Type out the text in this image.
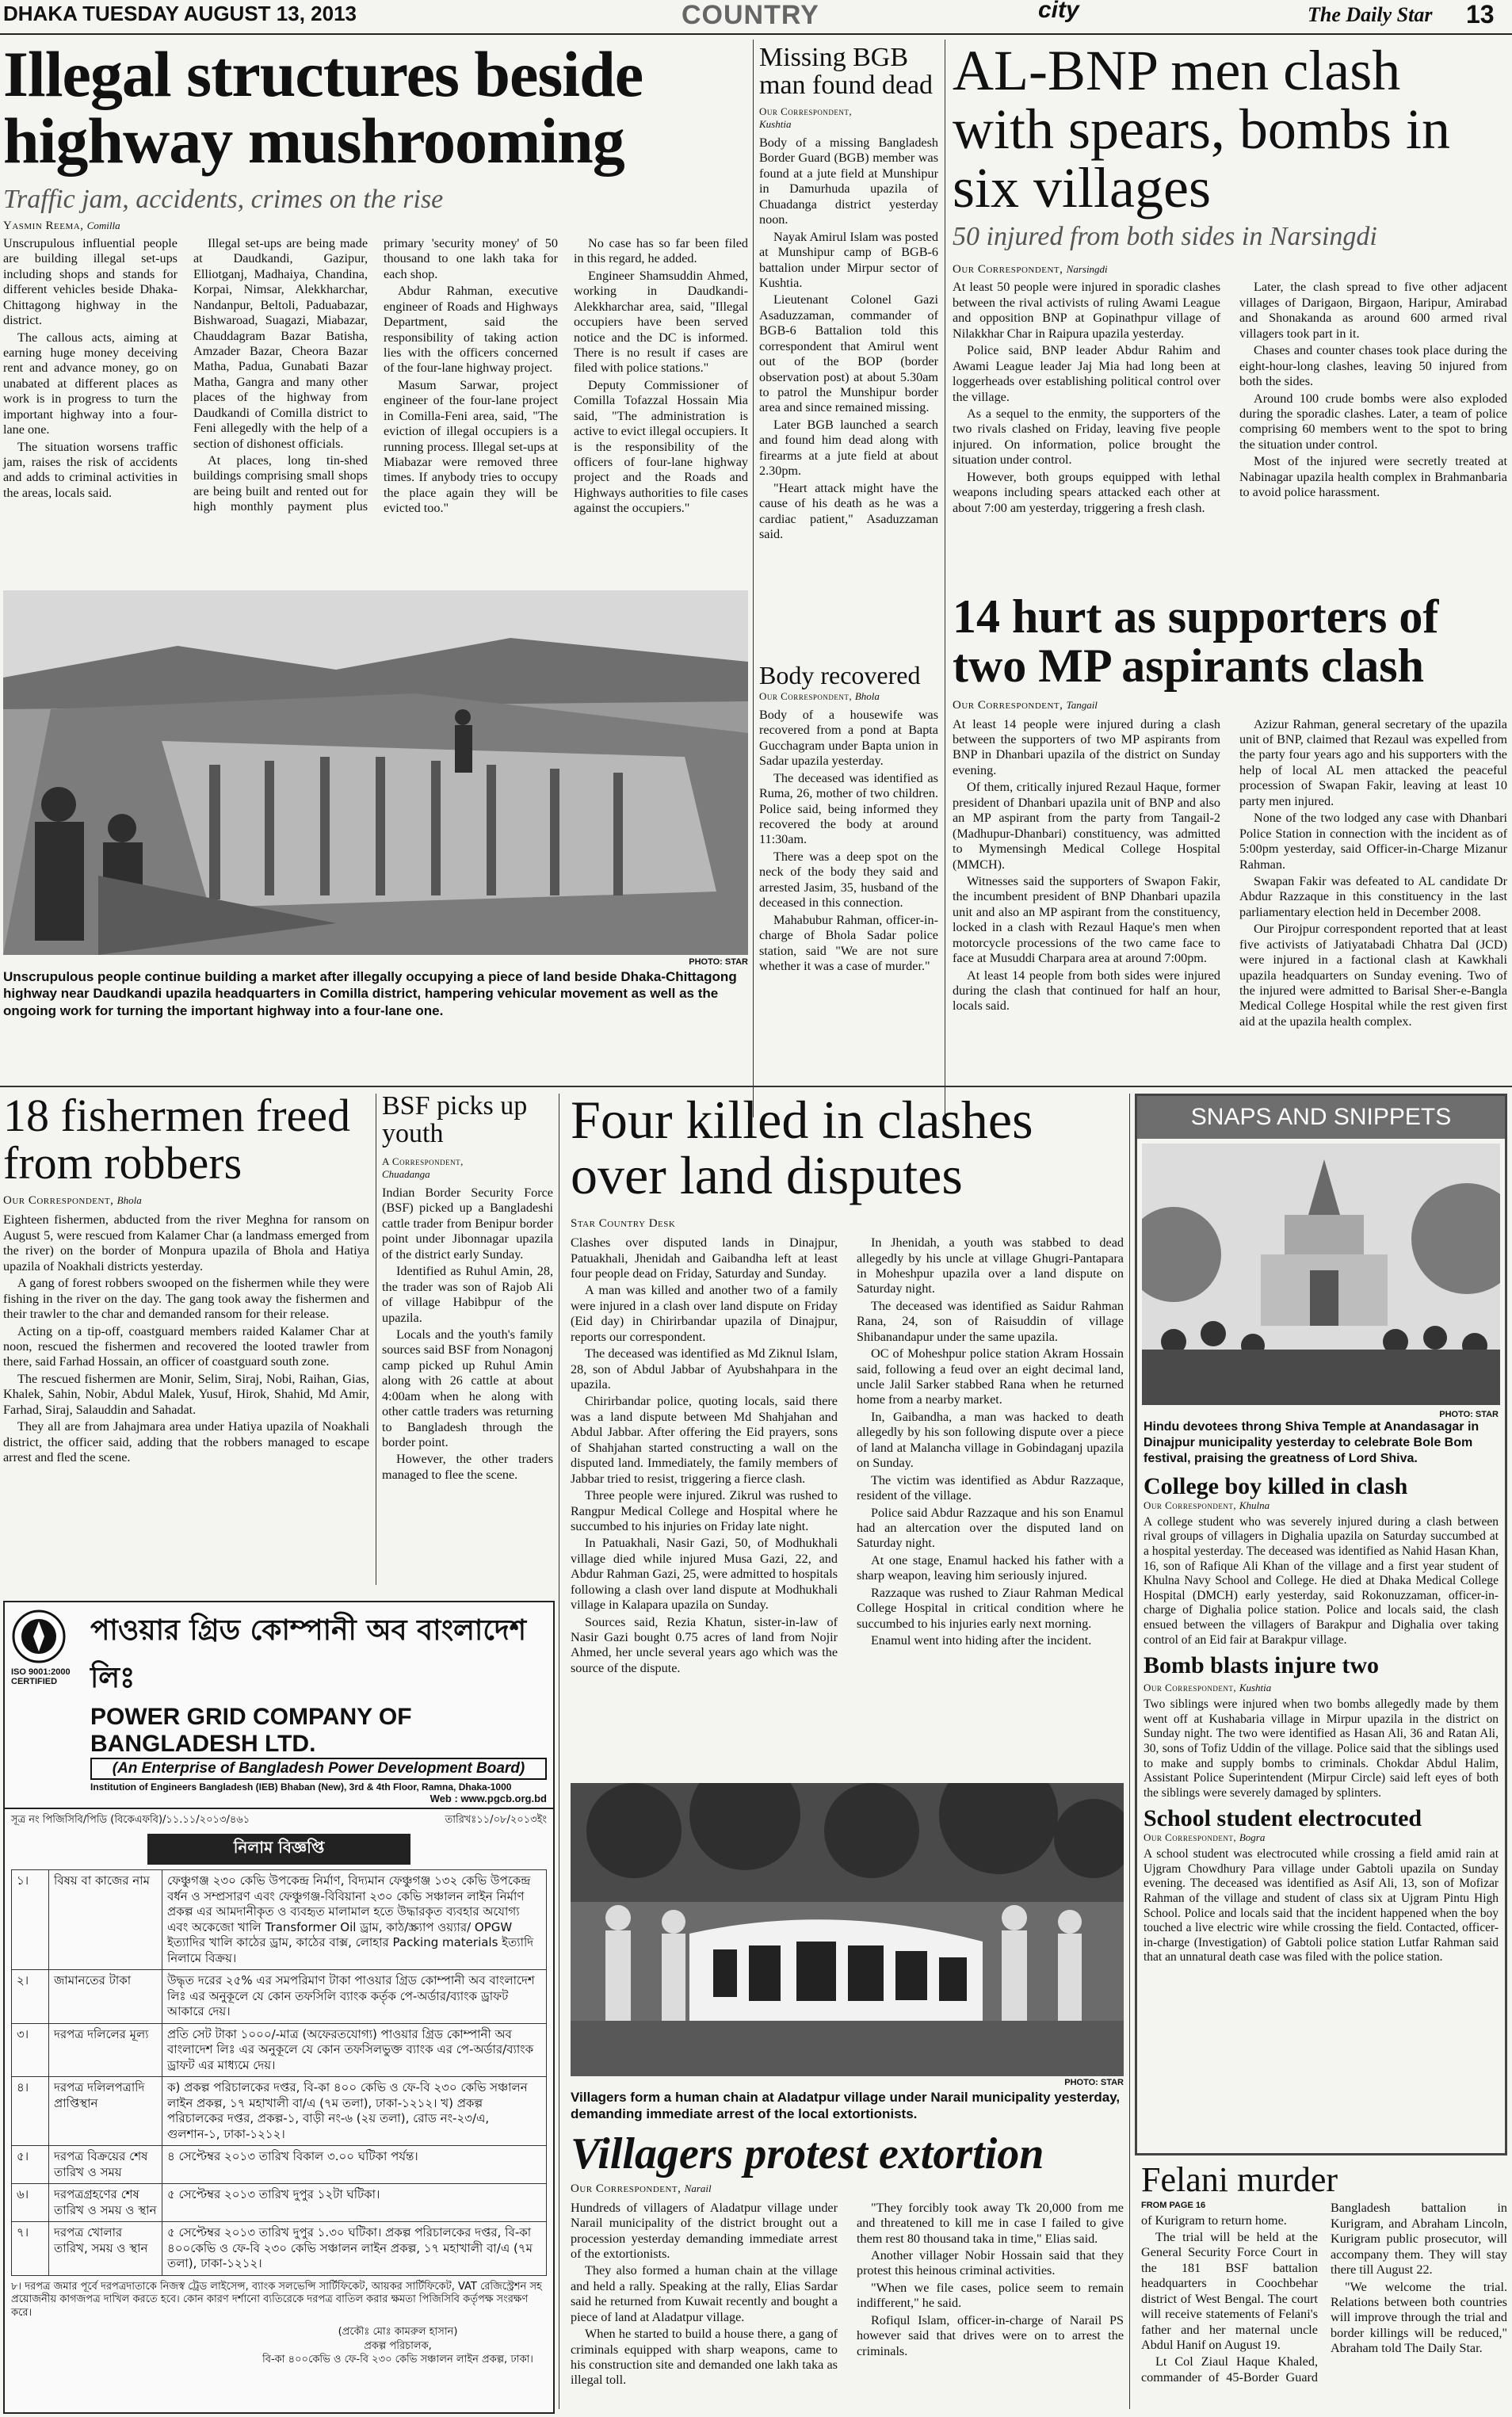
DHAKA TUESDAY AUGUST 13, 2013	COUNTRY	city	The Daily Star 13
Illegal structures beside highway mushrooming

Traffic jam, accidents, crimes on the rise

Yasmin Reema, Comilla

Unscrupulous influential people are building illegal set-ups including shops and stands for different vehicles beside Dhaka-Chittagong highway in the district.

The callous acts, aiming at earning huge money deceiving rent and advance money, go on unabated at different places as work is in progress to turn the important highway into a four-lane one.

The situation worsens traffic jam, raises the risk of accidents and adds to criminal activities in the areas, locals said.

Illegal set-ups are being made at Daudkandi, Gazipur, Elliotganj, Madhaiya, Chandina, Korpai, Nimsar, Alekkharchar, Nandanpur, Beltoli, Paduabazar, Bishwaroad, Suagazi, Miabazar, Chauddagram Bazar Batisha, Amzader Bazar, Cheora Bazar Matha, Padua, Gunabati Bazar Matha, Gangra and many other places of the highway from Daudkandi of Comilla district to Feni allegedly with the help of a section of dishonest officials.

At places, long tin-shed buildings comprising small shops are being built and rented out for high monthly payment plus primary 'security money' of 50 thousand to one lakh taka for each shop.

Abdur Rahman, executive engineer of Roads and Highways Department, said the responsibility of taking action lies with the officers concerned of the four-lane highway project.

Masum Sarwar, project engineer of the four-lane project in Comilla-Feni area, said, "The eviction of illegal occupiers is a running process. Illegal set-ups at Miabazar were removed three times. If anybody tries to occupy the place again they will be evicted too."

No case has so far been filed in this regard, he added.

Engineer Shamsuddin Ahmed, working in Daudkandi-Alekkharchar area, said, "Illegal occupiers have been served notice and the DC is informed. There is no result if cases are filed with police stations."

Deputy Commissioner of Comilla Tofazzal Hossain Mia said, "The administration is active to evict illegal occupiers. It is the responsibility of the officers of four-lane highway project and the Roads and Highways authorities to file cases against the occupiers."

PHOTO: STAR

Unscrupulous people continue building a market after illegally occupying a piece of land beside Dhaka-Chittagong highway near Daudkandi upazila headquarters in Comilla district, hampering vehicular movement as well as the ongoing work for turning the important highway into a four-lane one.

Missing BGB man found dead

Our Correspondent,
Kushtia

Body of a missing Bangladesh Border Guard (BGB) member was found at a jute field at Munshipur in Damurhuda upazila of Chuadanga district yesterday noon.

Nayak Amirul Islam was posted at Munshipur camp of BGB-6 battalion under Mirpur sector of Kushtia.

Lieutenant Colonel Gazi Asaduzzaman, commander of BGB-6 Battalion told this correspondent that Amirul went out of the BOP (border observation post) at about 5.30am to patrol the Munshipur border area and since remained missing.

Later BGB launched a search and found him dead along with firearms at a jute field at about 2.30pm.

"Heart attack might have the cause of his death as he was a cardiac patient," Asaduzzaman said.

Body recovered

Our Correspondent, Bhola

Body of a housewife was recovered from a pond at Bapta Gucchagram under Bapta union in Sadar upazila yesterday.

The deceased was identified as Ruma, 26, mother of two children. Police said, being informed they recovered the body at around 11:30am.

There was a deep spot on the neck of the body they said and arrested Jasim, 35, husband of the deceased in this connection.

Mahabubur Rahman, officer-in-charge of Bhola Sadar police station, said "We are not sure whether it was a case of murder."

AL-BNP men clash with spears, bombs in six villages

50 injured from both sides in Narsingdi

Our Correspondent, Narsingdi

At least 50 people were injured in sporadic clashes between the rival activists of ruling Awami League and opposition BNP at Gopinathpur village of Nilakkhar Char in Raipura upazila yesterday.

Police said, BNP leader Abdur Rahim and Awami League leader Jaj Mia had long been at loggerheads over establishing political control over the village.

As a sequel to the enmity, the supporters of the two rivals clashed on Friday, leaving five people injured. On information, police brought the situation under control.

However, both groups equipped with lethal weapons including spears attacked each other at about 7:00 am yesterday, triggering a fresh clash.

Later, the clash spread to five other adjacent villages of Darigaon, Birgaon, Haripur, Amirabad and Shonakanda as around 600 armed rival villagers took part in it.

Chases and counter chases took place during the eight-hour-long clashes, leaving 50 injured from both the sides.

Around 100 crude bombs were also exploded during the sporadic clashes. Later, a team of police comprising 60 members went to the spot to bring the situation under control.

Most of the injured were secretly treated at Nabinagar upazila health complex in Brahmanbaria to avoid police harassment.

14 hurt as supporters of two MP aspirants clash

Our Correspondent, Tangail

At least 14 people were injured during a clash between the supporters of two MP aspirants from BNP in Dhanbari upazila of the district on Sunday evening.

Of them, critically injured Rezaul Haque, former president of Dhanbari upazila unit of BNP and also an MP aspirant from the party from Tangail-2 (Madhupur-Dhanbari) constituency, was admitted to Mymensingh Medical College Hospital (MMCH).

Witnesses said the supporters of Swapon Fakir, the incumbent president of BNP Dhanbari upazila unit and also an MP aspirant from the constituency, locked in a clash with Rezaul Haque's men when motorcycle processions of the two came face to face at Musuddi Charpara area at around 7:00pm.

At least 14 people from both sides were injured during the clash that continued for half an hour, locals said.

Azizur Rahman, general secretary of the upazila unit of BNP, claimed that Rezaul was expelled from the party four years ago and his supporters with the help of local AL men attacked the peaceful procession of Swapan Fakir, leaving at least 10 party men injured.

None of the two lodged any case with Dhanbari Police Station in connection with the incident as of 5:00pm yesterday, said Officer-in-Charge Mizanur Rahman.

Swapan Fakir was defeated to AL candidate Dr Abdur Razzaque in this constituency in the last parliamentary election held in December 2008.

Our Pirojpur correspondent reported that at least five activists of Jatiyatabadi Chhatra Dal (JCD) were injured in a factional clash at Kawkhali upazila headquarters on Sunday evening. Two of the injured were admitted to Barisal Sher-e-Bangla Medical College Hospital while the rest given first aid at the upazila health complex.

18 fishermen freed from robbers

Our Correspondent, Bhola

Eighteen fishermen, abducted from the river Meghna for ransom on August 5, were rescued from Kalamer Char (a landmass emerged from the river) on the border of Monpura upazila of Bhola and Hatiya upazila of Noakhali districts yesterday.

A gang of forest robbers swooped on the fishermen while they were fishing in the river on the day. The gang took away the fishermen and their trawler to the char and demanded ransom for their release.

Acting on a tip-off, coastguard members raided Kalamer Char at noon, rescued the fishermen and recovered the looted trawler from there, said Farhad Hossain, an officer of coastguard south zone.

The rescued fishermen are Monir, Selim, Siraj, Nobi, Raihan, Gias, Khalek, Sahin, Nobir, Abdul Malek, Yusuf, Hirok, Shahid, Md Amir, Farhad, Siraj, Salauddin and Sahadat.

They all are from Jahajmara area under Hatiya upazila of Noakhali district, the officer said, adding that the robbers managed to escape arrest and fled the scene.

BSF picks up youth

A Correspondent,
Chuadanga

Indian Border Security Force (BSF) picked up a Bangladeshi cattle trader from Benipur border point under Jibonnagar upazila of the district early Sunday.

Identified as Ruhul Amin, 28, the trader was son of Rajob Ali of village Habibpur of the upazila.

Locals and the youth's family sources said BSF from Nonagonj camp picked up Ruhul Amin along with 26 cattle at about 4:00am when he along with other cattle traders was returning to Bangladesh through the border point.

However, the other traders managed to flee the scene.

Four killed in clashes over land disputes

Star Country Desk

Clashes over disputed lands in Dinajpur, Patuakhali, Jhenidah and Gaibandha left at least four people dead on Friday, Saturday and Sunday.

A man was killed and another two of a family were injured in a clash over land dispute on Friday (Eid day) in Chirirbandar upazila of Dinajpur, reports our correspondent.

The deceased was identified as Md Ziknul Islam, 28, son of Abdul Jabbar of Ayubshahpara in the upazila.

Chirirbandar police, quoting locals, said there was a land dispute between Md Shahjahan and Abdul Jabbar. After offering the Eid prayers, sons of Shahjahan started constructing a wall on the disputed land. Immediately, the family members of Jabbar tried to resist, triggering a fierce clash.

Three people were injured. Zikrul was rushed to Rangpur Medical College and Hospital where he succumbed to his injuries on Friday late night.

In Patuakhali, Nasir Gazi, 50, of Modhukhali village died while injured Musa Gazi, 22, and Abdur Rahman Gazi, 25, were admitted to hospitals following a clash over land dispute at Modhukhali village in Kalapara upazila on Sunday.

Sources said, Rezia Khatun, sister-in-law of Nasir Gazi bought 0.75 acres of land from Nojir Ahmed, her uncle several years ago which was the source of the dispute.

In Jhenidah, a youth was stabbed to dead allegedly by his uncle at village Ghugri-Pantapara in Moheshpur upazila over a land dispute on Saturday night.

The deceased was identified as Saidur Rahman Rana, 24, son of Raisuddin of village Shibanandapur under the same upazila.

OC of Moheshpur police station Akram Hossain said, following a feud over an eight decimal land, uncle Jalil Sarker stabbed Rana when he returned home from a nearby market.

In, Gaibandha, a man was hacked to death allegedly by his son following dispute over a piece of land at Malancha village in Gobindaganj upazila on Sunday.

The victim was identified as Abdur Razzaque, resident of the village.

Police said Abdur Razzaque and his son Enamul had an altercation over the disputed land on Saturday night.

At one stage, Enamul hacked his father with a sharp weapon, leaving him seriously injured.

Razzaque was rushed to Ziaur Rahman Medical College Hospital in critical condition where he succumbed to his injuries early next morning.

Enamul went into hiding after the incident.

PHOTO: STAR

Villagers form a human chain at Aladatpur village under Narail municipality yesterday, demanding immediate arrest of the local extortionists.

Villagers protest extortion

Our Correspondent, Narail

Hundreds of villagers of Aladatpur village under Narail municipality of the district brought out a procession yesterday demanding immediate arrest of the extortionists.

They also formed a human chain at the village and held a rally. Speaking at the rally, Elias Sardar said he returned from Kuwait recently and bought a piece of land at Aladatpur village.

When he started to build a house there, a gang of criminals equipped with sharp weapons, came to his construction site and demanded one lakh taka as illegal toll.

"They forcibly took away Tk 20,000 from me and threatened to kill me in case I failed to give them rest 80 thousand taka in time," Elias said.

Another villager Nobir Hossain said that they protest this heinous criminal activities.

"When we file cases, police seem to remain indifferent," he said.

Rofiqul Islam, officer-in-charge of Narail PS however said that drives were on to arrest the criminals.

SNAPS AND SNIPPETS
PHOTO: STAR

Hindu devotees throng Shiva Temple at Anandasagar in Dinajpur municipality yesterday to celebrate Bole Bom festival, praising the greatness of Lord Shiva.

College boy killed in clash

Our Correspondent, Khulna

A college student who was severely injured during a clash between rival groups of villagers in Dighalia upazila on Saturday succumbed at a hospital yesterday. The deceased was identified as Nahid Hasan Khan, 16, son of Rafique Ali Khan of the village and a first year student of Khulna Navy School and College. He died at Dhaka Medical College Hospital (DMCH) early yesterday, said Rokonuzzaman, officer-in-charge of Dighalia police station. Police and locals said, the clash ensued between the villagers of Barakpur and Dighalia over taking control of an Eid fair at Barakpur village.

Bomb blasts injure two

Our Correspondent, Kushtia

Two siblings were injured when two bombs allegedly made by them went off at Kushabaria village in Mirpur upazila in the district on Sunday night. The two were identified as Hasan Ali, 36 and Ratan Ali, 30, sons of Tofiz Uddin of the village. Police said that the siblings used to make and supply bombs to criminals. Chokdar Abdul Halim, Assistant Police Superintendent (Mirpur Circle) said left eyes of both the siblings were severely damaged by splinters.

School student electrocuted

Our Correspondent, Bogra

A school student was electrocuted while crossing a field amid rain at Ujgram Chowdhury Para village under Gabtoli upazila on Sunday evening. The deceased was identified as Asif Ali, 13, son of Mofizar Rahman of the village and student of class six at Ujgram Pintu High School. Police and locals said that the incident happened when the boy touched a live electric wire while crossing the field. Contacted, officer-in-charge (Investigation) of Gabtoli police station Lutfar Rahman said that an unnatural death case was filed with the police station.

Felani murder

FROM PAGE 16

of Kurigram to return home.

The trial will be held at the General Security Force Court in the 181 BSF battalion headquarters in Coochbehar district of West Bengal. The court will receive statements of Felani's father and her maternal uncle Abdul Hanif on August 19.

Lt Col Ziaul Haque Khaled, commander of 45-Border Guard Bangladesh battalion in Kurigram, and Abraham Lincoln, Kurigram public prosecutor, will accompany them. They will stay there till August 22.

"We welcome the trial. Relations between both countries will improve through the trial and border killings will be reduced," Abraham told The Daily Star.

ISO 9001:2000 CERTIFIED
পাওয়ার গ্রিড কোম্পানী অব বাংলাদেশ লিঃ
POWER GRID COMPANY OF BANGLADESH LTD.
(An Enterprise of Bangladesh Power Development Board)
Institution of Engineers Bangladesh (IEB) Bhaban (New), 3rd & 4th Floor, Ramna, Dhaka-1000
Web : www.pgcb.org.bd
সূত্র নং পিজিসিবি/পিডি (বিকেএফবি)/১১.১১/২০১৩/৪৬১	তারিখঃ১১/০৮/২০১৩ইং
নিলাম বিজ্ঞপ্তি
১।	বিষয় বা কাজের নাম	ফেঞ্চুগঞ্জ ২৩০ কেভি উপকেন্দ্র নির্মাণ, বিদ্যমান ফেঞ্চুগঞ্জ ১৩২ কেভি উপকেন্দ্র বর্ধন ও সম্প্রসারণ এবং ফেঞ্চুগঞ্জ-বিবিয়ানা ২৩০ কেভি সঞ্চালন লাইন নির্মাণ প্রকল্প এর আমদানীকৃত ও ব্যবহৃত মালামাল হতে উদ্ধারকৃত ব্যবহার অযোগ্য এবং অকেজো খালি Transformer Oil ড্রাম, কাঠ/স্ক্র্যাপ ওয়্যার/ OPGW ইত্যাদির খালি কাঠের ড্রাম, কাঠের বাক্স, লোহার Packing materials ইত্যাদি নিলামে বিক্রয়।
২।	জামানতের টাকা	উদ্ধৃত দরের ২৫% এর সমপরিমাণ টাকা পাওয়ার গ্রিড কোম্পানী অব বাংলাদেশ লিঃ এর অনুকূলে যে কোন তফসিলি ব্যাংক কর্তৃক পে-অর্ডার/ব্যাংক ড্রাফট আকারে দেয়।
৩।	দরপত্র দলিলের মূল্য	প্রতি সেট টাকা ১০০০/-মাত্র (অফেরতযোগ্য) পাওয়ার গ্রিড কোম্পানী অব বাংলাদেশ লিঃ এর অনুকূলে যে কোন তফসিলভুক্ত ব্যাংক এর পে-অর্ডার/ব্যাংক ড্রাফট এর মাধ্যমে দেয়।
৪।	দরপত্র দলিলপত্রাদি প্রাপ্তিস্থান	ক) প্রকল্প পরিচালকের দপ্তর, বি-কা ৪০০ কেভি ও ফে-বি ২৩০ কেভি সঞ্চালন লাইন প্রকল্প, ১৭ মহাখালী বা/এ (৭ম তলা), ঢাকা-১২১২। খ) প্রকল্প পরিচালকের দপ্তর, প্রকল্প-১, বাড়ী নং-৬ (২য় তলা), রোড নং-২৩/এ, গুলশান-১, ঢাকা-১২১২।
৫।	দরপত্র বিক্রয়ের শেষ তারিখ ও সময়	৪ সেপ্টেম্বর ২০১৩ তারিখ বিকাল ৩.০০ ঘটিকা পর্যন্ত।
৬।	দরপত্রগ্রহণের শেষ তারিখ ও সময় ও স্থান	৫ সেপ্টেম্বর ২০১৩ তারিখ দুপুর ১২টা ঘটিকা।
৭।	দরপত্র খোলার তারিখ, সময় ও স্থান	৫ সেপ্টেম্বর ২০১৩ তারিখ দুপুর ১.৩০ ঘটিকা। প্রকল্প পরিচালকের দপ্তর, বি-কা ৪০০কেভি ও ফে-বি ২৩০ কেভি সঞ্চালন লাইন প্রকল্প, ১৭ মহাখালী বা/এ (৭ম তলা), ঢাকা-১২১২।

৮। দরপত্র জমার পূর্বে দরপত্রদাতাকে নিজস্ব ট্রেড লাইসেন্স, ব্যাংক সলভেন্সি সার্টিফিকেট, আয়কর সার্টিফিকেট, VAT রেজিস্ট্রেশন সহ প্রয়োজনীয় কাগজপত্র দাখিল করতে হবে। কোন কারণ দর্শানো ব্যতিরেকে দরপত্র বাতিল করার ক্ষমতা পিজিসিবি কর্তৃপক্ষ সংরক্ষণ করে।

(প্রকৌঃ মোঃ কামরুল হাসান)
প্রকল্প পরিচালক,
বি-কা ৪০০কেভি ও ফে-বি ২৩০ কেভি সঞ্চালন লাইন প্রকল্প, ঢাকা।
